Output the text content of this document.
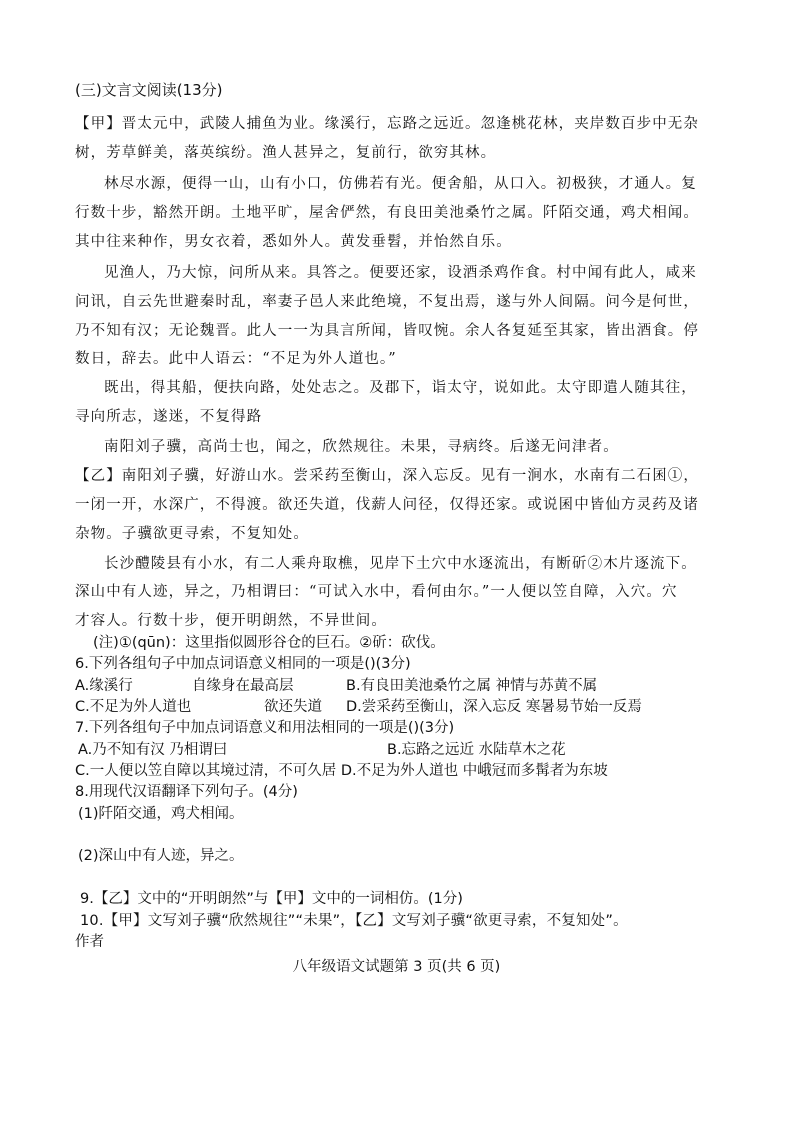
(三)文言文阅读(13分)
【甲】晋太元中，武陵人捕鱼为业。缘溪行，忘路之远近。忽逢桃花林，夹岸数百步中无杂
树，芳草鲜美，落英缤纷。渔人甚异之，复前行，欲穷其林。
林尽水源，便得一山，山有小口，仿佛若有光。便舍船，从口入。初极狭，才通人。复
行数十步，豁然开朗。土地平旷，屋舍俨然，有良田美池桑竹之属。阡陌交通，鸡犬相闻。
其中往来种作，男女衣着，悉如外人。黄发垂髫，并怡然自乐。
见渔人，乃大惊，问所从来。具答之。便要还家，设酒杀鸡作食。村中闻有此人，咸来
问讯，自云先世避秦时乱，率妻子邑人来此绝境，不复出焉，遂与外人间隔。问今是何世，
乃不知有汉；无论魏晋。此人一一为具言所闻，皆叹惋。余人各复延至其家，皆出酒食。停
数日，辞去。此中人语云：“不足为外人道也。”
既出，得其船，便扶向路，处处志之。及郡下，诣太守，说如此。太守即遣人随其往，
寻向所志，遂迷，不复得路
南阳刘子骥，高尚士也，闻之，欣然规往。未果，寻病终。后遂无问津者。
【乙】南阳刘子骥，好游山水。尝采药至衡山，深入忘反。见有一涧水，水南有二石囷①，
一闭一开，水深广，不得渡。欲还失道，伐薪人问径，仅得还家。或说囷中皆仙方灵药及诸
杂物。子骥欲更寻索，不复知处。
长沙醴陵县有小水，有二人乘舟取樵，见岸下土穴中水逐流出，有断斫②木片逐流下。
深山中有人迹，异之，乃相谓曰：“可试入水中，看何由尔。”一人便以笠自障，入穴。穴
才容人。行数十步，便开明朗然，不异世间。
(注)①(qūn)：这里指似圆形谷仓的巨石。②斫：砍伐。
6.下列各组句子中加点词语意义相同的一项是()(3分)
A.缘溪行	自缘身在最高层	B.有良田美池桑竹之属 神情与苏黄不属
C.不足为外人道也	欲还失道 D.尝采药至衡山，深入忘反 寒暑易节始一反焉
7.下列各组句子中加点词语意义和用法相同的一项是()(3分)
A.乃不知有汉 乃相谓曰	B.忘路之远近 水陆草木之花
C.一人便以笠自障以其境过清，不可久居 D.不足为外人道也 中峨冠而多髯者为东坡
8.用现代汉语翻译下列句子。(4分)
(1)阡陌交通，鸡犬相闻。
(2)深山中有人迹，异之。
9.【乙】文中的“开明朗然”与【甲】文中的一词相仿。(1分)
10.【甲】文写刘子骥“欣然规往”“未果”，【乙】文写刘子骥“欲更寻索，不复知处”。
作者
八年级语文试题第 3 页(共 6 页)
